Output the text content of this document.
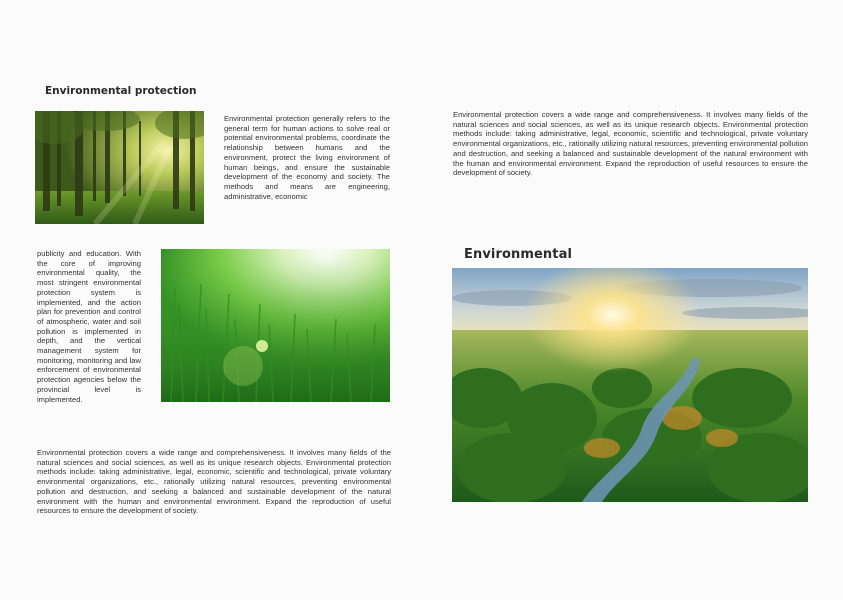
Environmental protection

Environmental protection generally refers to the general term for human actions to solve real or potential environmental problems, coordinate the relationship between humans and the environment, protect the living environment of human beings, and ensure the sustainable development of the economy and society. The methods and means are engineering, administrative, economic

Environmental protection covers a wide range and comprehensiveness. It involves many fields of the natural sciences and social sciences, as well as its unique research objects. Environmental protection methods include: taking administrative, legal, economic, scientific and technological, private voluntary environmental organizations, etc., rationally utilizing natural resources, preventing environmental pollution and destruction, and seeking a balanced and sustainable development of the natural environment with the human and environmental environment. Expand the reproduction of useful resources to ensure the development of society.

publicity and education. With the core of improving environmental quality, the most stringent environmental protection system is implemented, and the action plan for prevention and control of atmospheric, water and soil pollution is implemented in depth, and the vertical management system for monitoring, monitoring and law enforcement of environmental protection agencies below the provincial level is implemented.

Environmental protection covers a wide range and comprehensiveness. It involves many fields of the natural sciences and social sciences, as well as its unique research objects. Environmental protection methods include: taking administrative, legal, economic, scientific and technological, private voluntary environmental organizations, etc., rationally utilizing natural resources, preventing environmental pollution and destruction, and seeking a balanced and sustainable development of the natural environment with the human and environmental environment. Expand the reproduction of useful resources to ensure the development of society.

Environmental
